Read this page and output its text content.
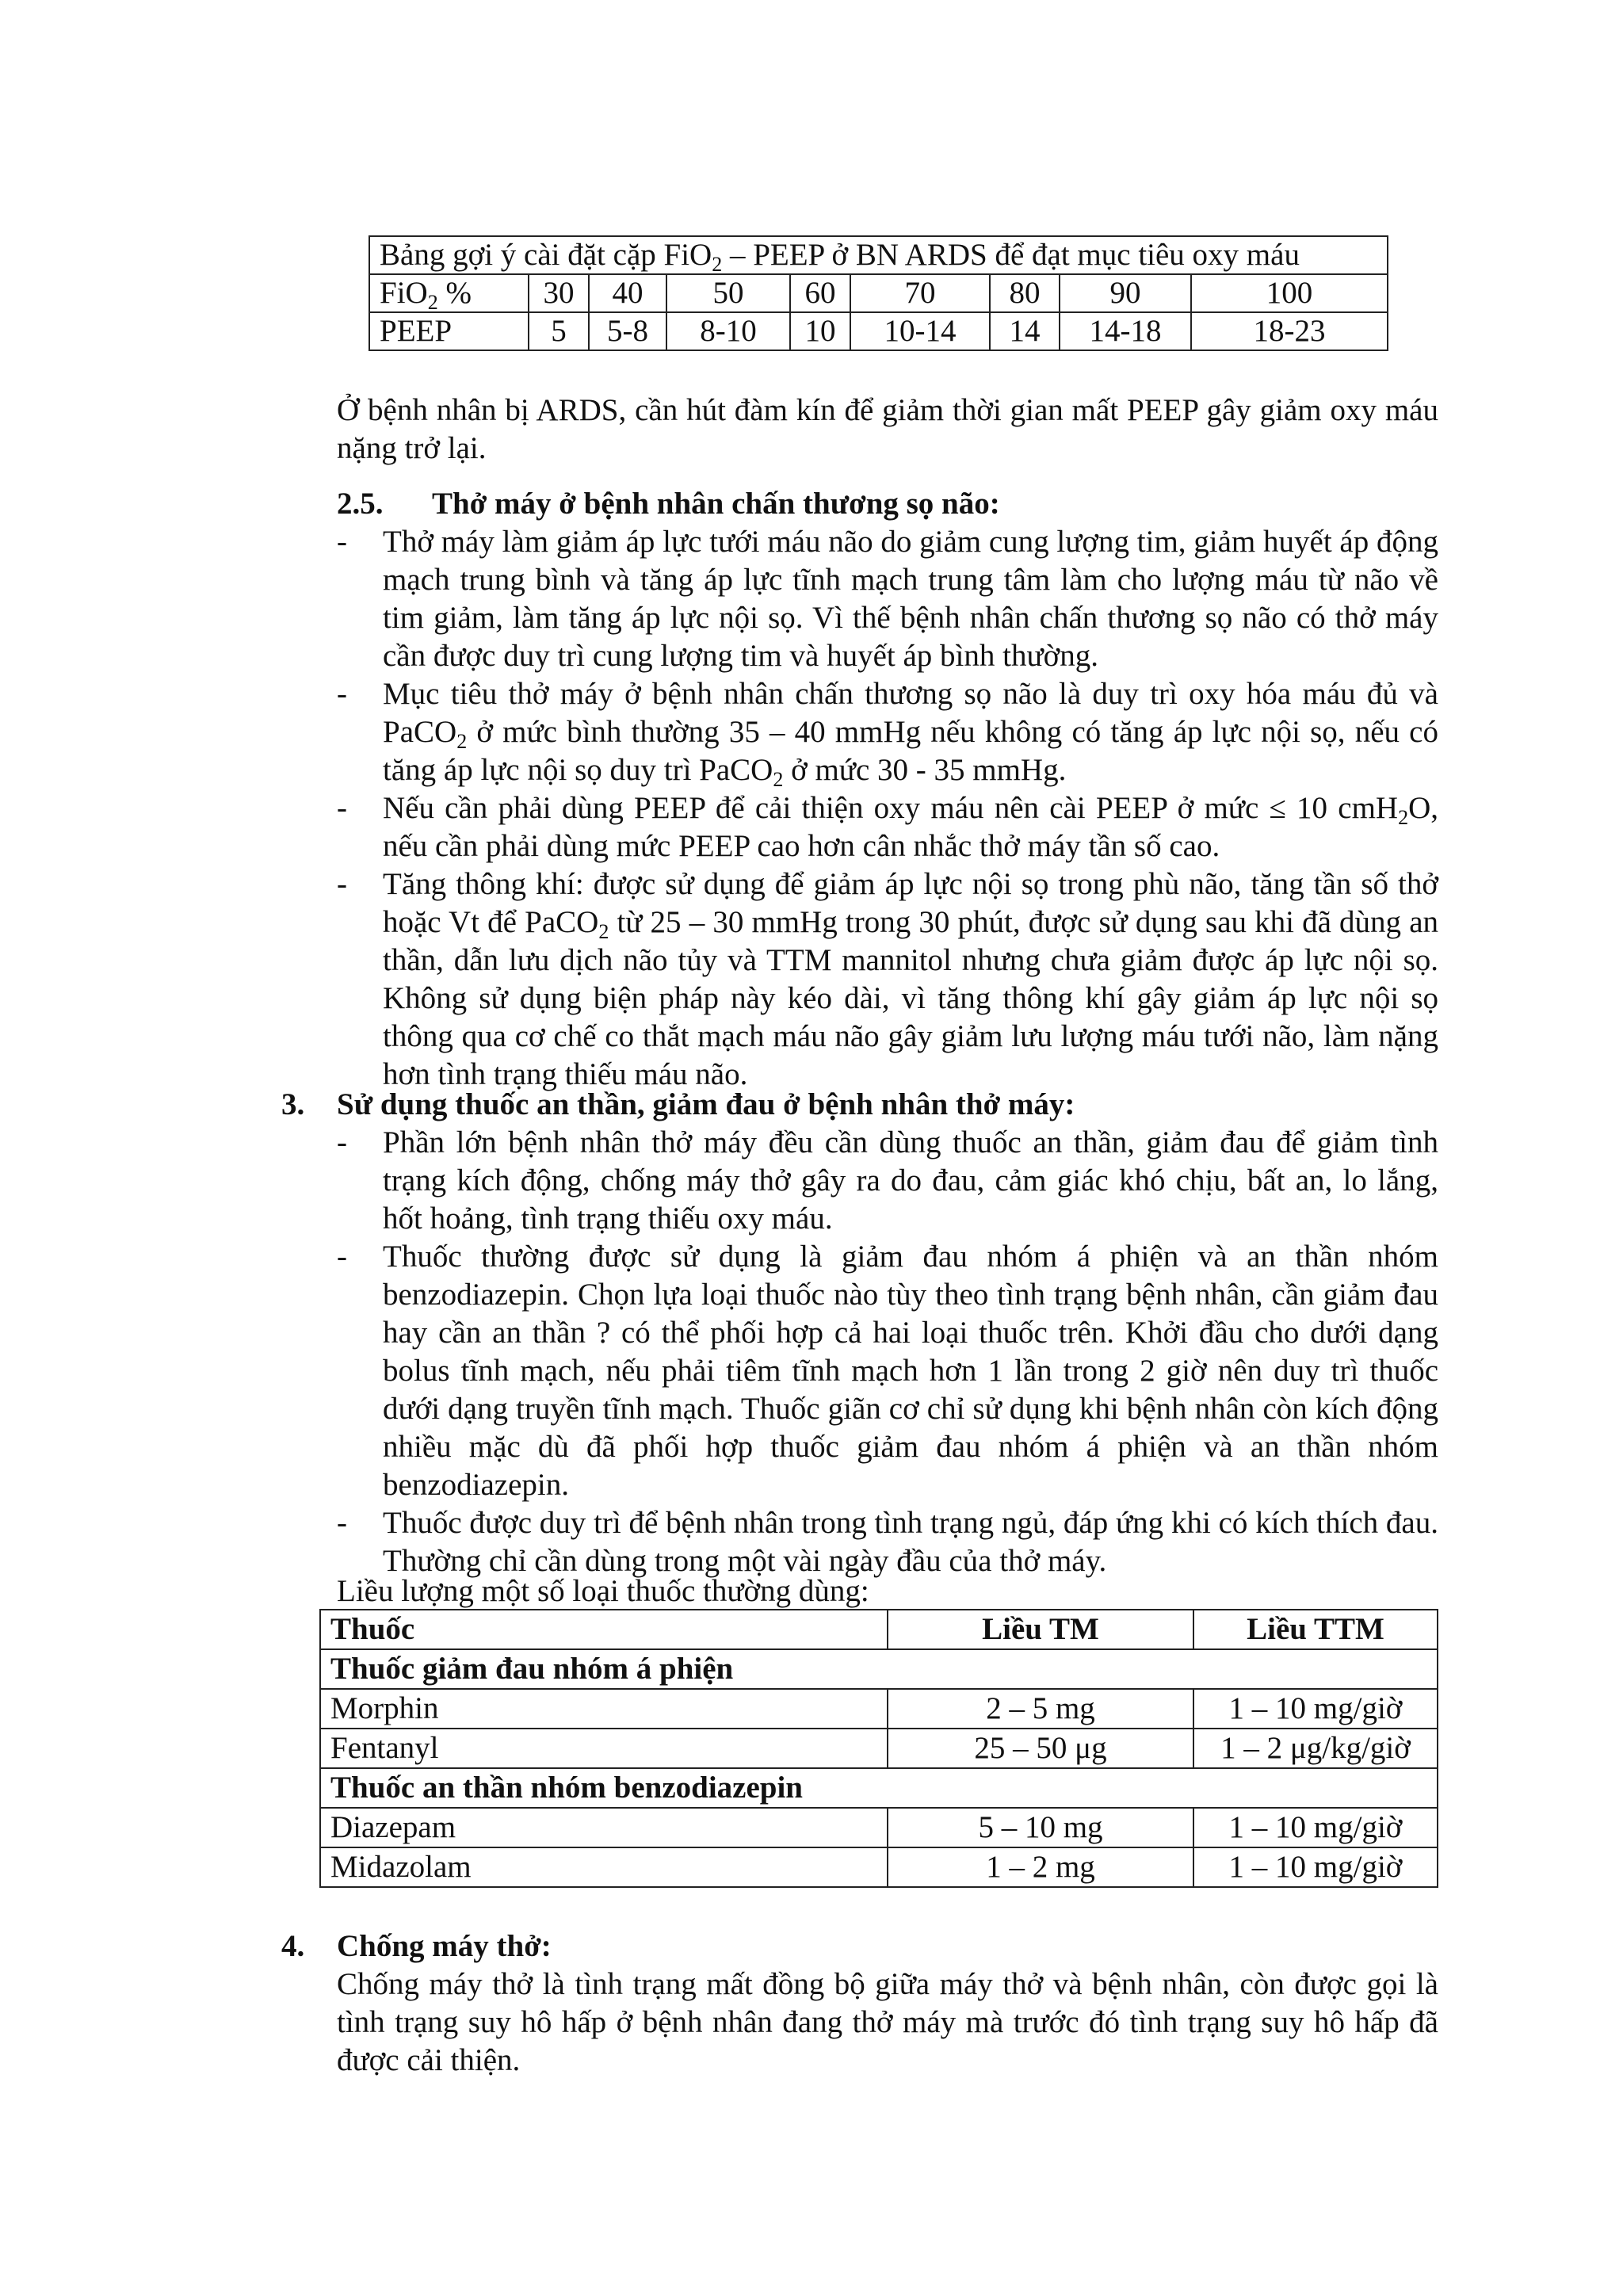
Bảng gợi ý cài đặt cặp FiO$_2$ – PEEP ở BN ARDS để đạt mục tiêu oxy máu								
FiO$_2$ %	30	40	50	60	70	80	90	100
PEEP	5	5-8	8-10	10	10-14	14	14-18	18-23
Ở bệnh nhân bị ARDS, cần hút đàm kín để giảm thời gian mất PEEP gây giảm oxy máu nặng trở lại.
2.5. Thở máy ở bệnh nhân chấn thương sọ não:
- Thở máy làm giảm áp lực tưới máu não do giảm cung lượng tim, giảm huyết áp động mạch trung bình và tăng áp lực tĩnh mạch trung tâm làm cho lượng máu từ não về tim giảm, làm tăng áp lực nội sọ. Vì thế bệnh nhân chấn thương sọ não có thở máy cần được duy trì cung lượng tim và huyết áp bình thường.
- Mục tiêu thở máy ở bệnh nhân chấn thương sọ não là duy trì oxy hóa máu đủ và PaCO$_2$ ở mức bình thường 35 – 40 mmHg nếu không có tăng áp lực nội sọ, nếu có tăng áp lực nội sọ duy trì PaCO$_2$ ở mức 30 - 35 mmHg.
- Nếu cần phải dùng PEEP để cải thiện oxy máu nên cài PEEP ở mức ≤ 10 cmH$_2$O, nếu cần phải dùng mức PEEP cao hơn cân nhắc thở máy tần số cao.
- Tăng thông khí: được sử dụng để giảm áp lực nội sọ trong phù não, tăng tần số thở hoặc Vt để PaCO$_2$ từ 25 – 30 mmHg trong 30 phút, được sử dụng sau khi đã dùng an thần, dẫn lưu dịch não tủy và TTM mannitol nhưng chưa giảm được áp lực nội sọ. Không sử dụng biện pháp này kéo dài, vì tăng thông khí gây giảm áp lực nội sọ thông qua cơ chế co thắt mạch máu não gây giảm lưu lượng máu tưới não, làm nặng hơn tình trạng thiếu máu não.
3. Sử dụng thuốc an thần, giảm đau ở bệnh nhân thở máy:
- Phần lớn bệnh nhân thở máy đều cần dùng thuốc an thần, giảm đau để giảm tình trạng kích động, chống máy thở gây ra do đau, cảm giác khó chịu, bất an, lo lắng, hốt hoảng, tình trạng thiếu oxy máu.
- Thuốc thường được sử dụng là giảm đau nhóm á phiện và an thần nhóm benzodiazepin. Chọn lựa loại thuốc nào tùy theo tình trạng bệnh nhân, cần giảm đau hay cần an thần ? có thể phối hợp cả hai loại thuốc trên. Khởi đầu cho dưới dạng bolus tĩnh mạch, nếu phải tiêm tĩnh mạch hơn 1 lần trong 2 giờ nên duy trì thuốc dưới dạng truyền tĩnh mạch. Thuốc giãn cơ chỉ sử dụng khi bệnh nhân còn kích động nhiều mặc dù đã phối hợp thuốc giảm đau nhóm á phiện và an thần nhóm benzodiazepin.
- Thuốc được duy trì để bệnh nhân trong tình trạng ngủ, đáp ứng khi có kích thích đau. Thường chỉ cần dùng trong một vài ngày đầu của thở máy.
Liều lượng một số loại thuốc thường dùng:
Thuốc	Liều TM	Liều TTM
Thuốc giảm đau nhóm á phiện		
Morphin	2 – 5 mg	1 – 10 mg/giờ
Fentanyl	25 – 50 μg	1 – 2 μg/kg/giờ
Thuốc an thần nhóm benzodiazepin		
Diazepam	5 – 10 mg	1 – 10 mg/giờ
Midazolam	1 – 2 mg	1 – 10 mg/giờ
4. Chống máy thở:
Chống máy thở là tình trạng mất đồng bộ giữa máy thở và bệnh nhân, còn được gọi là tình trạng suy hô hấp ở bệnh nhân đang thở máy mà trước đó tình trạng suy hô hấp đã được cải thiện.
